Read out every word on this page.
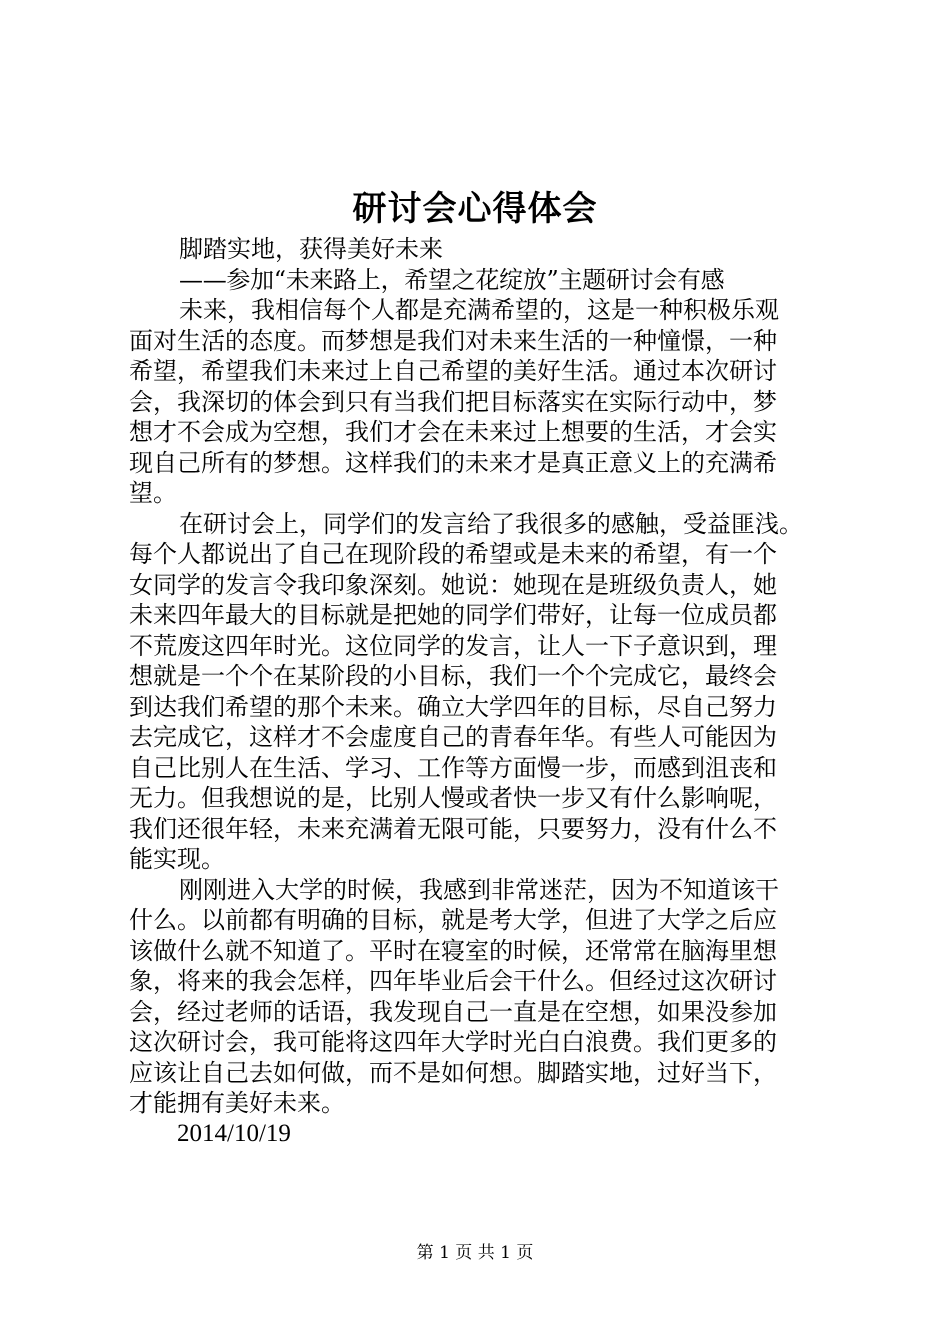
研讨会心得体会
脚踏实地，获得美好未来
——参加“未来路上，希望之花绽放”主题研讨会有感
未来，我相信每个人都是充满希望的，这是一种积极乐观
面对生活的态度。而梦想是我们对未来生活的一种憧憬，一种
希望，希望我们未来过上自己希望的美好生活。通过本次研讨
会，我深切的体会到只有当我们把目标落实在实际行动中，梦
想才不会成为空想，我们才会在未来过上想要的生活，才会实
现自己所有的梦想。这样我们的未来才是真正意义上的充满希
望。
在研讨会上，同学们的发言给了我很多的感触，受益匪浅。
每个人都说出了自己在现阶段的希望或是未来的希望，有一个
女同学的发言令我印象深刻。她说：她现在是班级负责人，她
未来四年最大的目标就是把她的同学们带好，让每一位成员都
不荒废这四年时光。这位同学的发言，让人一下子意识到，理
想就是一个个在某阶段的小目标，我们一个个完成它，最终会
到达我们希望的那个未来。确立大学四年的目标，尽自己努力
去完成它，这样才不会虚度自己的青春年华。有些人可能因为
自己比别人在生活、学习、工作等方面慢一步，而感到沮丧和
无力。但我想说的是，比别人慢或者快一步又有什么影响呢，
我们还很年轻，未来充满着无限可能，只要努力，没有什么不
能实现。
刚刚进入大学的时候，我感到非常迷茫，因为不知道该干
什么。以前都有明确的目标，就是考大学，但进了大学之后应
该做什么就不知道了。平时在寝室的时候，还常常在脑海里想
象，将来的我会怎样，四年毕业后会干什么。但经过这次研讨
会，经过老师的话语，我发现自己一直是在空想，如果没参加
这次研讨会，我可能将这四年大学时光白白浪费。我们更多的
应该让自己去如何做，而不是如何想。脚踏实地，过好当下，
才能拥有美好未来。
2014/10/19
第 1 页 共 1 页
